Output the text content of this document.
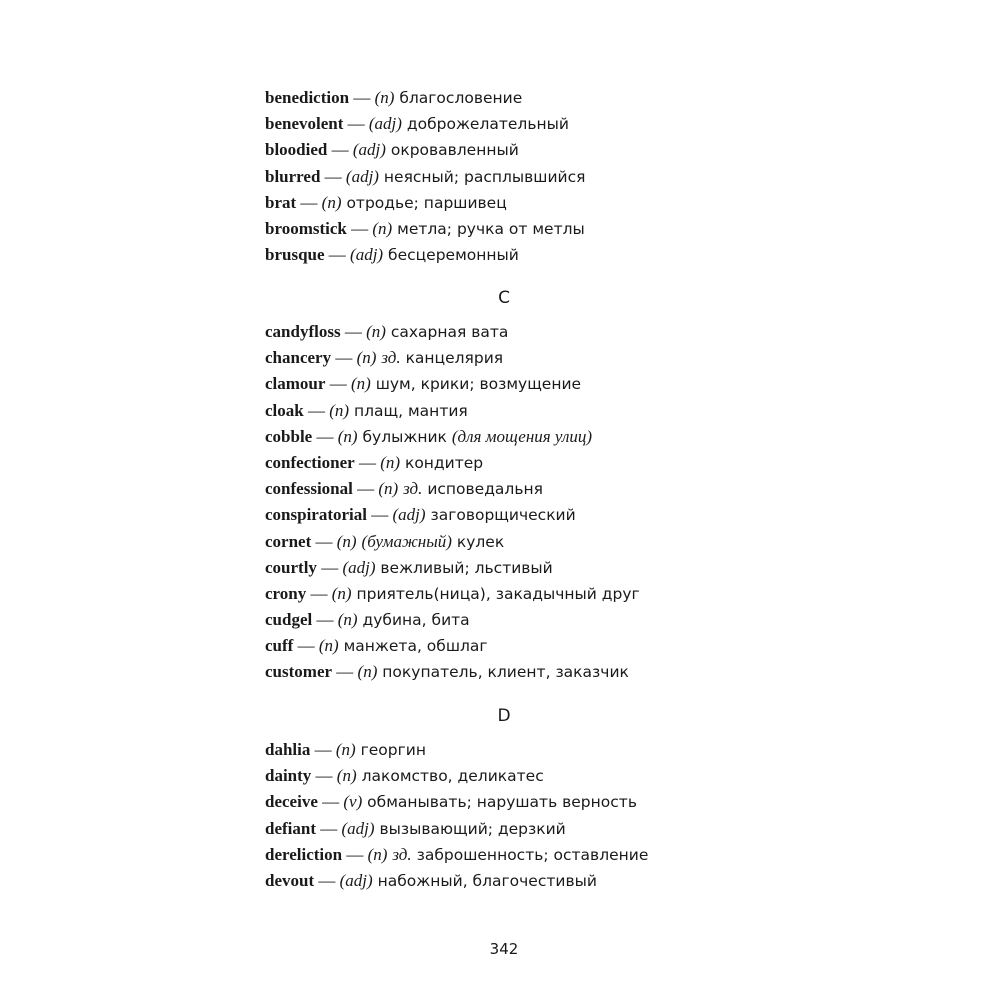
benediction — (n) благословение
benevolent — (adj) доброжелательный
bloodied — (adj) окровавленный
blurred — (adj) неясный; расплывшийся
brat — (n) отродье; паршивец
broomstick — (n) метла; ручка от метлы
brusque — (adj) бесцеремонный
C
candyfloss — (n) сахарная вата
chancery — (n) зд. канцелярия
clamour — (n) шум, крики; возмущение
cloak — (n) плащ, мантия
cobble — (n) булыжник (для мощения улиц)
confectioner — (n) кондитер
confessional — (n) зд. исповедальня
conspiratorial — (adj) заговорщический
cornet — (n) (бумажный) кулек
courtly — (adj) вежливый; льстивый
crony — (n) приятель(ница), закадычный друг
cudgel — (n) дубина, бита
cuff — (n) манжета, обшлаг
customer — (n) покупатель, клиент, заказчик
D
dahlia — (n) георгин
dainty — (n) лакомство, деликатес
deceive — (v) обманывать; нарушать верность
defiant — (adj) вызывающий; дерзкий
dereliction — (n) зд. заброшенность; оставление
devout — (adj) набожный, благочестивый
342
